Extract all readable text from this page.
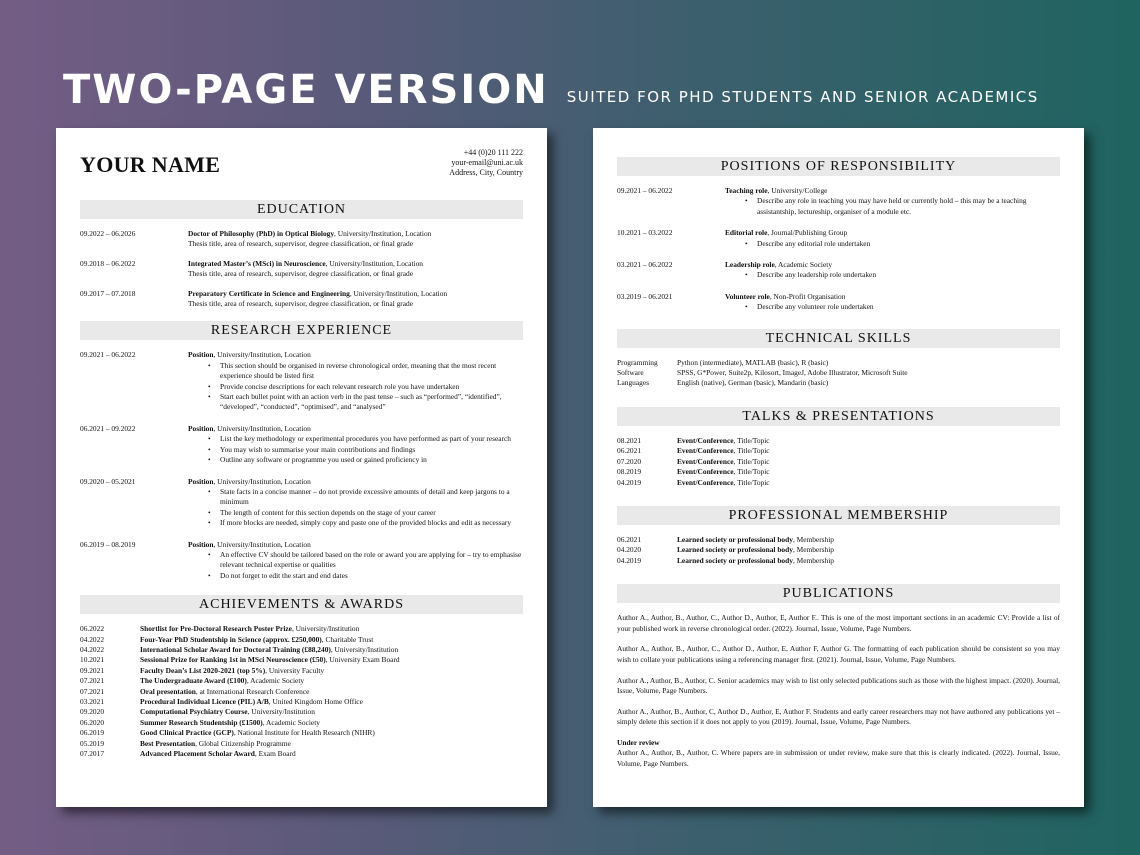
TWO-PAGE VERSION SUITED FOR PHD STUDENTS AND SENIOR ACADEMICS
YOUR NAME	+44 (0)20 111 222
your-email@uni.ac.uk
Address, City, Country
EDUCATION
09.2022 – 06.2026	Doctor of Philosophy (PhD) in Optical Biology, University/Institution, Location
Thesis title, area of research, supervisor, degree classification, or final grade
09.2018 – 06.2022	Integrated Master’s (MSci) in Neuroscience, University/Institution, Location
Thesis title, area of research, supervisor, degree classification, or final grade
09.2017 – 07.2018	Preparatory Certificate in Science and Engineering, University/Institution, Location
Thesis title, area of research, supervisor, degree classification, or final grade
RESEARCH EXPERIENCE
09.2021 – 06.2022	Position, University/Institution, Location
• This section should be organised in reverse chronological order, meaning that the most recent experience should be listed first
• Provide concise descriptions for each relevant research role you have undertaken
• Start each bullet point with an action verb in the past tense – such as “performed”, “identified”, “developed”, “conducted”, “optimised”, and “analysed”
06.2021 – 09.2022	Position, University/Institution, Location
• List the key methodology or experimental procedures you have performed as part of your research
• You may wish to summarise your main contributions and findings
• Outline any software or programme you used or gained proficiency in
09.2020 – 05.2021	Position, University/Institution, Location
• State facts in a concise manner – do not provide excessive amounts of detail and keep jargons to a minimum
• The length of content for this section depends on the stage of your career
• If more blocks are needed, simply copy and paste one of the provided blocks and edit as necessary
06.2019 – 08.2019	Position, University/Institution, Location
• An effective CV should be tailored based on the role or award you are applying for – try to emphasise relevant technical expertise or qualities
• Do not forget to edit the start and end dates
ACHIEVEMENTS & AWARDS
06.2022	Shortlist for Pre-Doctoral Research Poster Prize, University/Institution
04.2022	Four-Year PhD Studentship in Science (approx. £250,000), Charitable Trust
04.2022	International Scholar Award for Doctoral Training (£88,240), University/Institution
10.2021	Sessional Prize for Ranking 1st in MSci Neuroscience (£50), University Exam Board
09.2021	Faculty Dean’s List 2020-2021 (top 5%), University Faculty
07.2021	The Undergraduate Award (£100), Academic Society
07.2021	Oral presentation, at International Research Conference
03.2021	Procedural Individual Licence (PIL) A/B, United Kingdom Home Office
09.2020	Computational Psychiatry Course, University/Institution
06.2020	Summer Research Studentship (£1500), Academic Society
06.2019	Good Clinical Practice (GCP), National Institute for Health Research (NIHR)
05.2019	Best Presentation, Global Citizenship Programme
07.2017	Advanced Placement Scholar Award, Exam Board
POSITIONS OF RESPONSIBILITY
09.2021 – 06.2022	Teaching role, University/College
• Describe any role in teaching you may have held or currently hold – this may be a teaching assistantship, lectureship, organiser of a module etc.
10.2021 – 03.2022	Editorial role, Journal/Publishing Group
• Describe any editorial role undertaken
03.2021 – 06.2022	Leadership role, Academic Society
• Describe any leadership role undertaken
03.2019 – 06.2021	Volunteer role, Non-Profit Organisation
• Describe any volunteer role undertaken
TECHNICAL SKILLS
Programming	Python (intermediate), MATLAB (basic), R (basic)
Software	SPSS, G*Power, Suite2p, Kilosort, ImageJ, Adobe Illustrator, Microsoft Suite
Languages	English (native), German (basic), Mandarin (basic)
TALKS & PRESENTATIONS
08.2021	Event/Conference, Title/Topic
06.2021	Event/Conference, Title/Topic
07.2020	Event/Conference, Title/Topic
08.2019	Event/Conference, Title/Topic
04.2019	Event/Conference, Title/Topic
PROFESSIONAL MEMBERSHIP
06.2021	Learned society or professional body, Membership
04.2020	Learned society or professional body, Membership
04.2019	Learned society or professional body, Membership
PUBLICATIONS
Author A., Author, B., Author, C., Author D., Author, E, Author F.. This is one of the most important sections in an academic CV: Provide a list of your published work in reverse chronological order. (2022). Journal, Issue, Volume, Page Numbers.
Author A., Author, B., Author, C., Author D., Author, E, Author F, Author G. The formatting of each publication should be consistent so you may wish to collate your publications using a referencing manager first. (2021). Journal, Issue, Volume, Page Numbers.
Author A., Author, B., Author, C. Senior academics may wish to list only selected publications such as those with the highest impact. (2020). Journal, Issue, Volume, Page Numbers.
Author A., Author, B., Author, C, Author D., Author, E, Author F. Students and early career researchers may not have authored any publications yet – simply delete this section if it does not apply to you (2019). Journal, Issue, Volume, Page Numbers.
Under review
Author A., Author, B., Author, C. Where papers are in submission or under review, make sure that this is clearly indicated. (2022). Journal, Issue, Volume, Page Numbers.
